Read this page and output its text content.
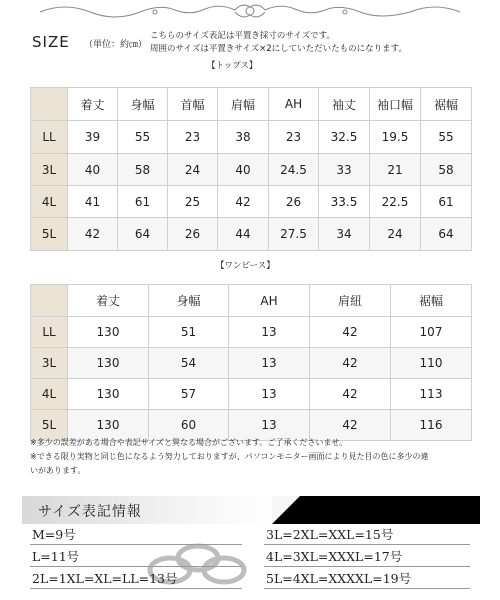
SIZE （単位：約㎝）
こちらのサイズ表記は平置き採寸のサイズです。
周囲のサイズは平置きサイズ×2にしていただいたものになります。
【トップス】
	着丈	身幅	首幅	肩幅	AH	袖丈	袖口幅	裾幅
LL	39	55	23	38	23	32.5	19.5	55
3L	40	58	24	40	24.5	33	21	58
4L	41	61	25	42	26	33.5	22.5	61
5L	42	64	26	44	27.5	34	24	64
【ワンピース】
	着丈	身幅	AH	肩紐	裾幅
LL	130	51	13	42	107
3L	130	54	13	42	110
4L	130	57	13	42	113
5L	130	60	13	42	116
※多少の誤差がある場合や表記サイズと異なる場合がございます。ご了承くださいませ。
※できる限り実物と同じ色になるよう努力しておりますが、パソコンモニター画面により見た目の色に多少の違
いがあります。
サイズ表記情報
M=9号
L=11号
2L=1XL=XL=LL=13号
3L=2XL=XXL=15号
4L=3XL=XXXL=17号
5L=4XL=XXXXL=19号
